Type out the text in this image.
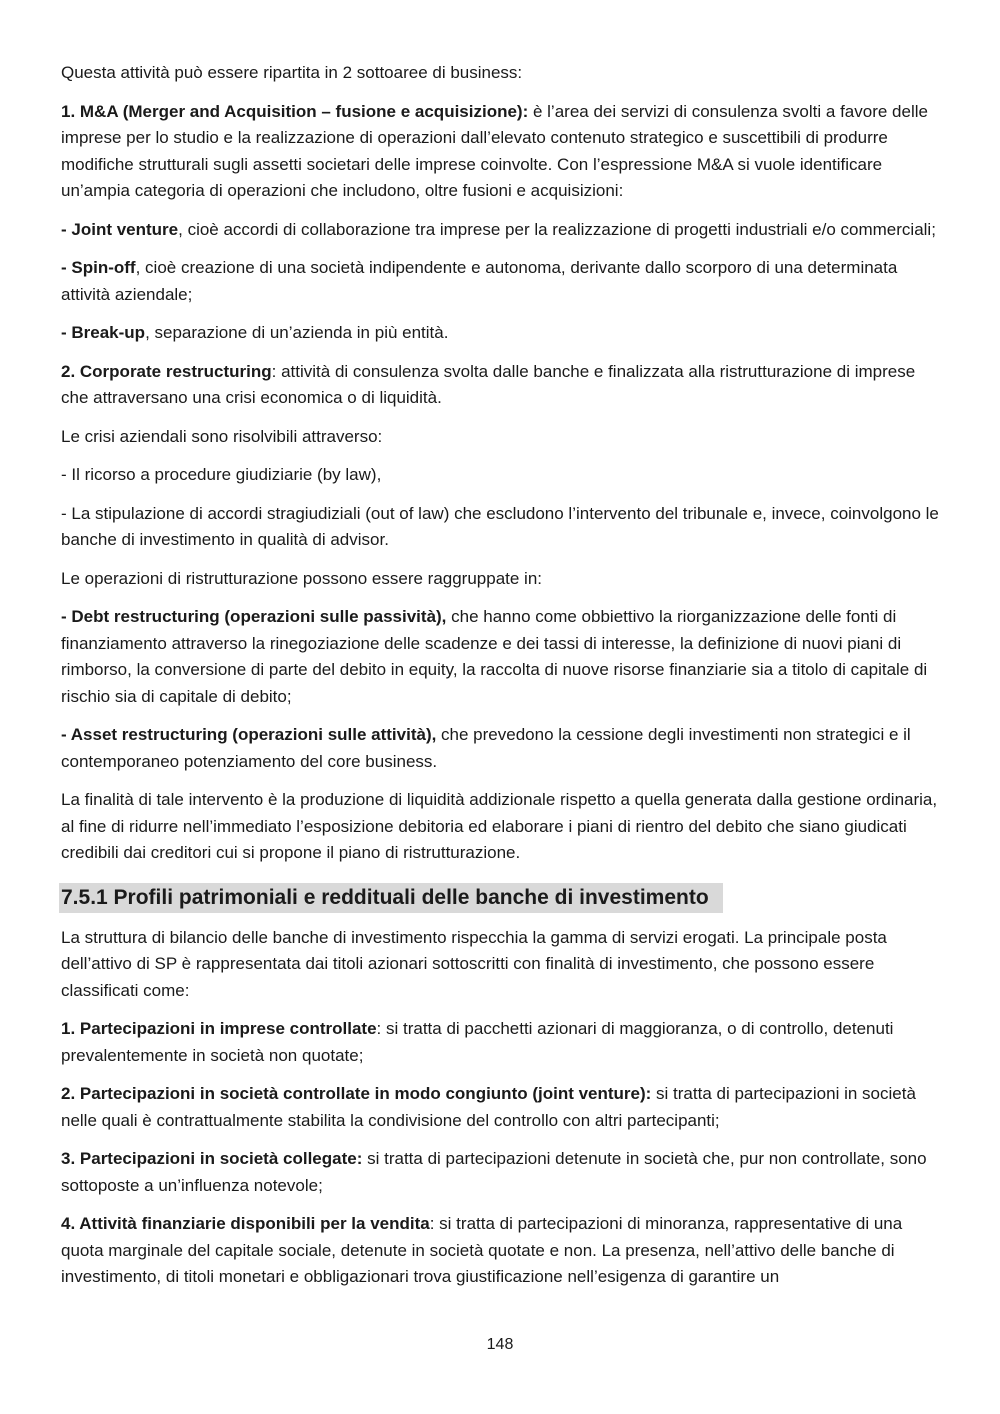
Questa attività può essere ripartita in 2 sottoaree di business:

1. M&A (Merger and Acquisition – fusione e acquisizione): è l’area dei servizi di consulenza svolti a favore delle imprese per lo studio e la realizzazione di operazioni dall’elevato contenuto strategico e suscettibili di produrre modifiche strutturali sugli assetti societari delle imprese coinvolte. Con l’espressione M&A si vuole identificare un’ampia categoria di operazioni che includono, oltre fusioni e acquisizioni:

- Joint venture, cioè accordi di collaborazione tra imprese per la realizzazione di progetti industriali e/o commerciali;

- Spin-off, cioè creazione di una società indipendente e autonoma, derivante dallo scorporo di una determinata attività aziendale;

- Break-up, separazione di un’azienda in più entità.

2. Corporate restructuring: attività di consulenza svolta dalle banche e finalizzata alla ristrutturazione di imprese che attraversano una crisi economica o di liquidità.

Le crisi aziendali sono risolvibili attraverso:

- Il ricorso a procedure giudiziarie (by law),

- La stipulazione di accordi stragiudiziali (out of law) che escludono l’intervento del tribunale e, invece, coinvolgono le banche di investimento in qualità di advisor.

Le operazioni di ristrutturazione possono essere raggruppate in:

- Debt restructuring (operazioni sulle passività), che hanno come obbiettivo la riorganizzazione delle fonti di finanziamento attraverso la rinegoziazione delle scadenze e dei tassi di interesse, la definizione di nuovi piani di rimborso, la conversione di parte del debito in equity, la raccolta di nuove risorse finanziarie sia a titolo di capitale di rischio sia di capitale di debito;

- Asset restructuring (operazioni sulle attività), che prevedono la cessione degli investimenti non strategici e il contemporaneo potenziamento del core business.

La finalità di tale intervento è la produzione di liquidità addizionale rispetto a quella generata dalla gestione ordinaria, al fine di ridurre nell’immediato l’esposizione debitoria ed elaborare i piani di rientro del debito che siano giudicati credibili dai creditori cui si propone il piano di ristrutturazione.

7.5.1 Profili patrimoniali e reddituali delle banche di investimento

La struttura di bilancio delle banche di investimento rispecchia la gamma di servizi erogati. La principale posta dell’attivo di SP è rappresentata dai titoli azionari sottoscritti con finalità di investimento, che possono essere classificati come:

1. Partecipazioni in imprese controllate: si tratta di pacchetti azionari di maggioranza, o di controllo, detenuti prevalentemente in società non quotate;

2. Partecipazioni in società controllate in modo congiunto (joint venture): si tratta di partecipazioni in società nelle quali è contrattualmente stabilita la condivisione del controllo con altri partecipanti;

3. Partecipazioni in società collegate: si tratta di partecipazioni detenute in società che, pur non controllate, sono sottoposte a un’influenza notevole;

4. Attività finanziarie disponibili per la vendita: si tratta di partecipazioni di minoranza, rappresentative di una quota marginale del capitale sociale, detenute in società quotate e non. La presenza, nell’attivo delle banche di investimento, di titoli monetari e obbligazionari trova giustificazione nell’esigenza di garantire un

148
